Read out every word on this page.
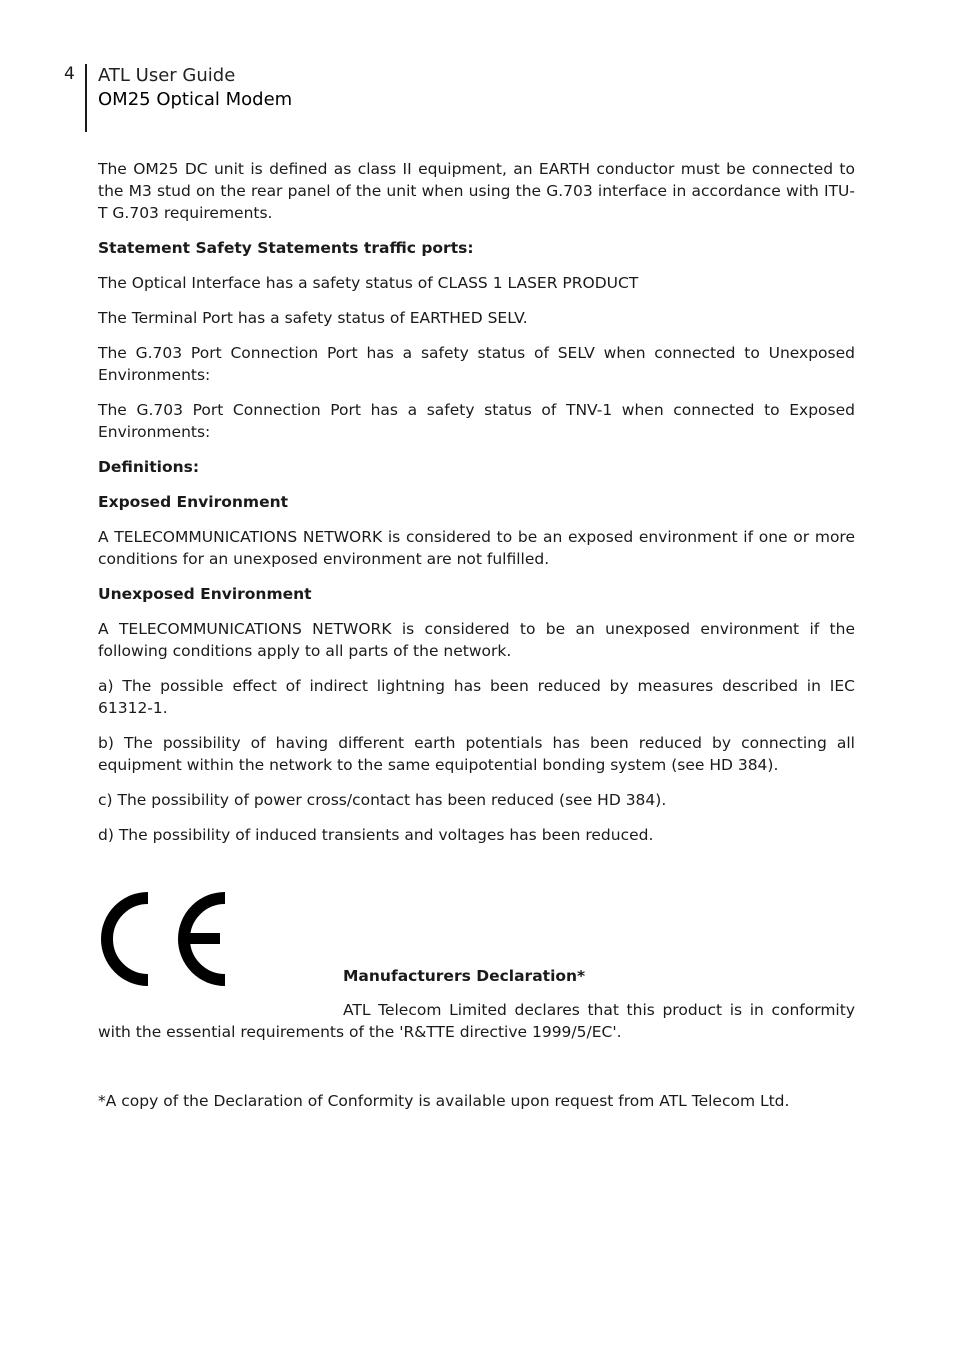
4 ATL User Guide
OM25 Optical Modem

The OM25 DC unit is defined as class II equipment, an EARTH conductor must be connected to the M3 stud on the rear panel of the unit when using the G.703 interface in accordance with ITU-T G.703 requirements.

Statement Safety Statements traffic ports:

The Optical Interface has a safety status of CLASS 1 LASER PRODUCT

The Terminal Port has a safety status of EARTHED SELV.

The G.703 Port Connection Port has a safety status of SELV when connected to Unexposed Environments:

The G.703 Port Connection Port has a safety status of TNV-1 when connected to Exposed Environments:

Definitions:

Exposed Environment

A TELECOMMUNICATIONS NETWORK is considered to be an exposed environment if one or more conditions for an unexposed environment are not fulfilled.

Unexposed Environment

A TELECOMMUNICATIONS NETWORK is considered to be an unexposed environment if the following conditions apply to all parts of the network.

a) The possible effect of indirect lightning has been reduced by measures described in IEC 61312-1.

b) The possibility of having different earth potentials has been reduced by connecting all equipment within the network to the same equipotential bonding system (see HD 384).

c) The possibility of power cross/contact has been reduced (see HD 384).

d) The possibility of induced transients and voltages has been reduced.

Manufacturers Declaration*

ATL Telecom Limited declares that this product is in conformity with the essential requirements of the 'R&TTE directive 1999/5/EC'.

*A copy of the Declaration of Conformity is available upon request from ATL Telecom Ltd.
